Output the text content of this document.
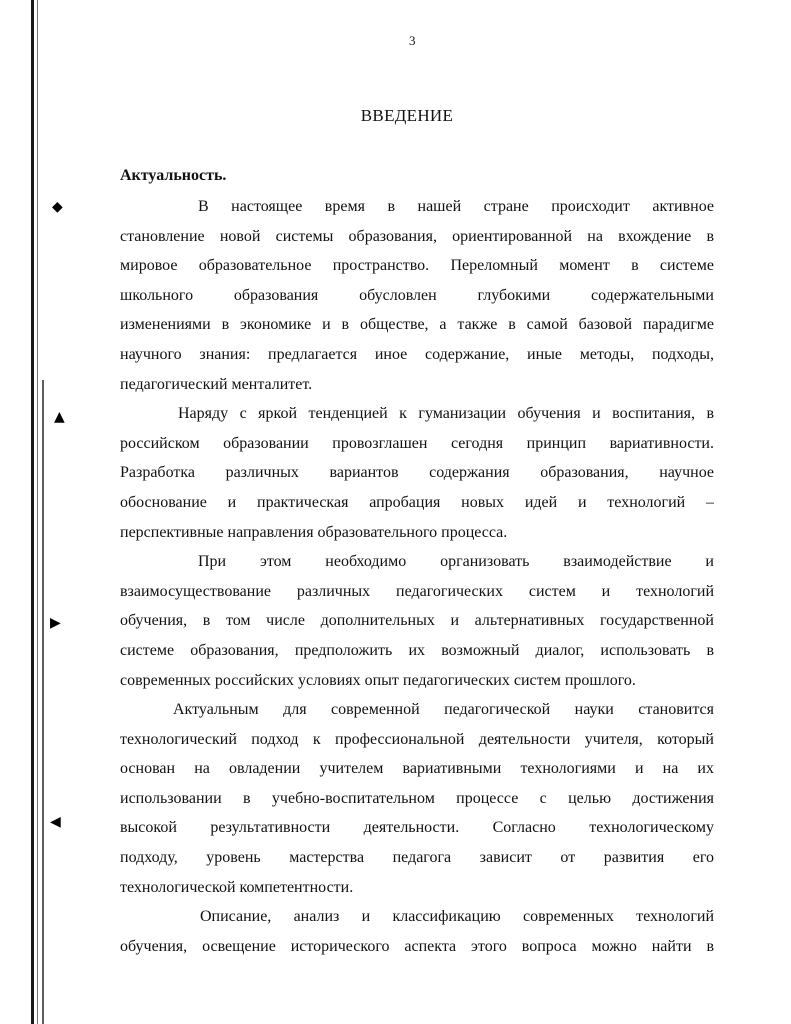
◆
▲
▶
◀
3
ВВЕДЕНИЕ
Актуальность.
В настоящее время в нашей стране происходит активное
становление новой системы образования, ориентированной на вхождение в
мировое образовательное пространство. Переломный момент в системе
школьного образования обусловлен глубокими содержательными
изменениями в экономике и в обществе, а также в самой базовой парадигме
научного знания: предлагается иное содержание, иные методы, подходы,
педагогический менталитет.
Наряду с яркой тенденцией к гуманизации обучения и воспитания, в
российском образовании провозглашен сегодня принцип вариативности.
Разработка различных вариантов содержания образования, научное
обоснование и практическая апробация новых идей и технологий –
перспективные направления образовательного процесса.
При этом необходимо организовать взаимодействие и
взаимосуществование различных педагогических систем и технологий
обучения, в том числе дополнительных и альтернативных государственной
системе образования, предположить их возможный диалог, использовать в
современных российских условиях опыт педагогических систем прошлого.
Актуальным для современной педагогической науки становится
технологический подход к профессиональной деятельности учителя, который
основан на овладении учителем вариативными технологиями и на их
использовании в учебно-воспитательном процессе с целью достижения
высокой результативности деятельности. Согласно технологическому
подходу, уровень мастерства педагога зависит от развития его
технологической компетентности.
Описание, анализ и классификацию современных технологий
обучения, освещение исторического аспекта этого вопроса можно найти в
